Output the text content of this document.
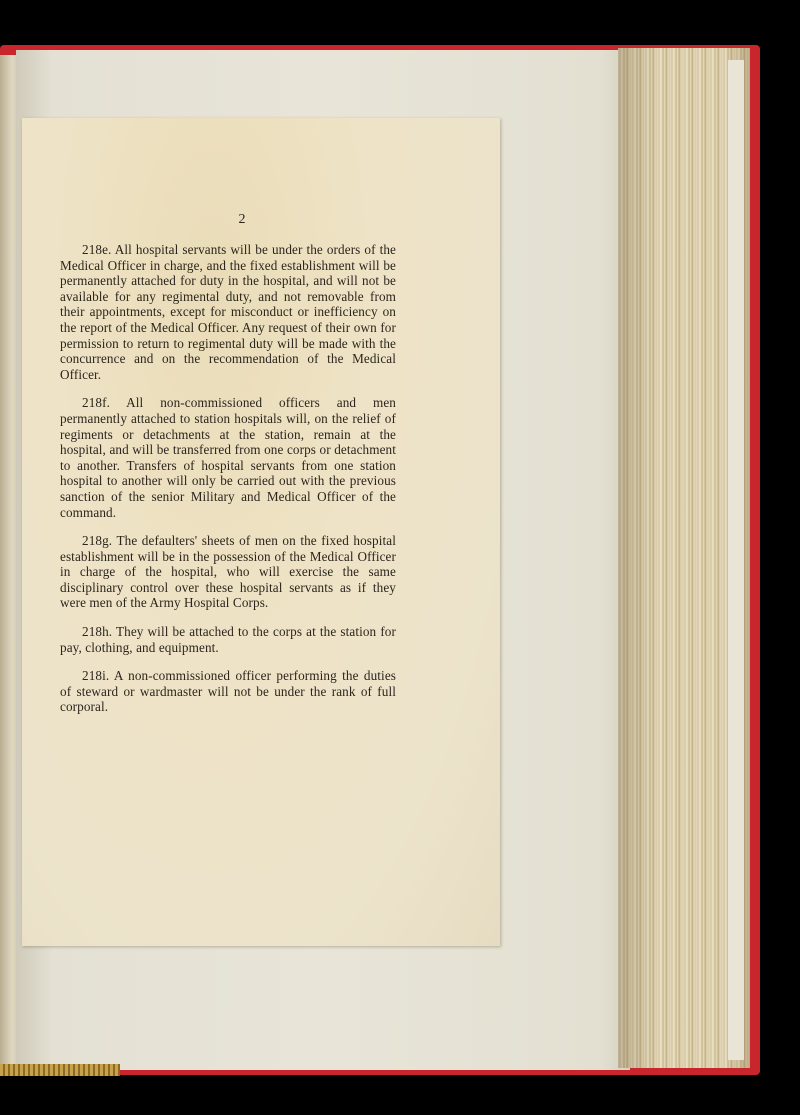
2

218e. All hospital servants will be under the orders of the Medical Officer in charge, and the fixed establishment will be permanently attached for duty in the hospital, and will not be available for any regimental duty, and not removable from their appointments, except for misconduct or inefficiency on the report of the Medical Officer. Any request of their own for permission to return to regimental duty will be made with the concurrence and on the recommendation of the Medical Officer.

218f. All non-commissioned officers and men permanently attached to station hospitals will, on the relief of regiments or detachments at the station, remain at the hospital, and will be transferred from one corps or detachment to another. Transfers of hospital servants from one station hospital to another will only be carried out with the previous sanction of the senior Military and Medical Officer of the command.

218g. The defaulters' sheets of men on the fixed hospital establishment will be in the possession of the Medical Officer in charge of the hospital, who will exercise the same disciplinary control over these hospital servants as if they were men of the Army Hospital Corps.

218h. They will be attached to the corps at the station for pay, clothing, and equipment.

218i. A non-commissioned officer performing the duties of steward or wardmaster will not be under the rank of full corporal.
